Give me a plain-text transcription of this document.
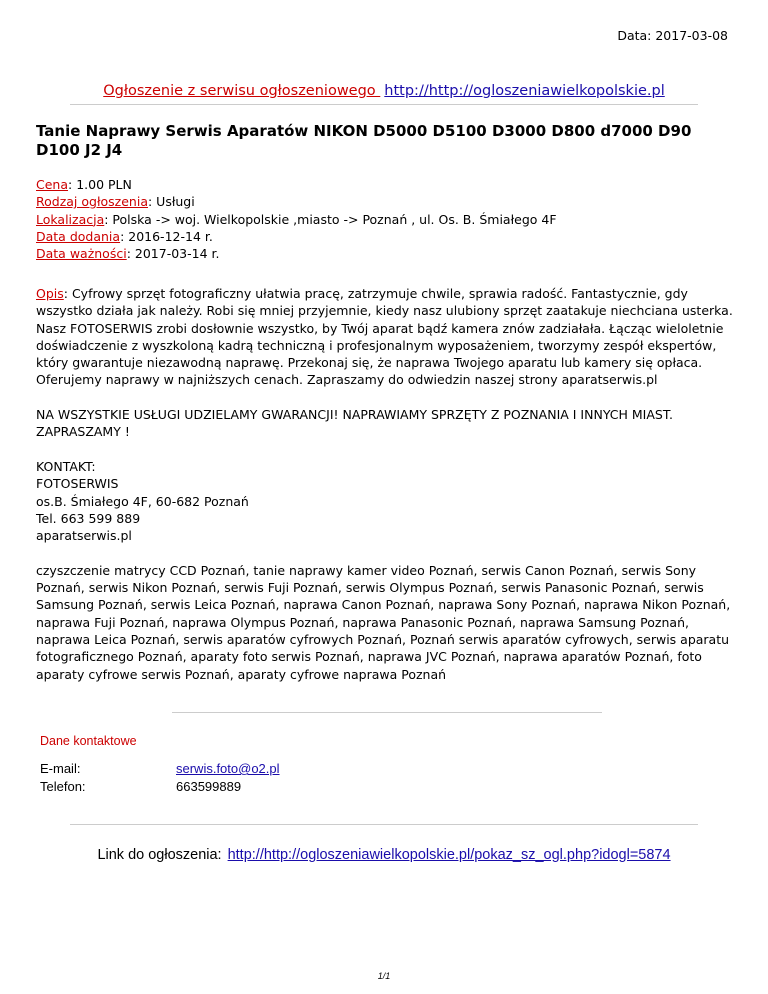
Data: 2017-03-08
Ogłoszenie z serwisu ogłoszeniowego http://http://ogloszeniawielkopolskie.pl
Tanie Naprawy Serwis Aparatów NIKON D5000 D5100 D3000 D800 d7000 D90 D100 J2 J4
Cena: 1.00 PLN
Rodzaj ogłoszenia: Usługi
Lokalizacja: Polska -> woj. Wielkopolskie ,miasto -> Poznań , ul. Os. B. Śmiałego 4F
Data dodania: 2016-12-14 r.
Data ważności: 2017-03-14 r.

Opis: Cyfrowy sprzęt fotograficzny ułatwia pracę, zatrzymuje chwile, sprawia radość. Fantastycznie, gdy wszystko działa jak należy. Robi się mniej przyjemnie, kiedy nasz ulubiony sprzęt zaatakuje niechciana usterka. Nasz FOTOSERWIS zrobi dosłownie wszystko, by Twój aparat bądź kamera znów zadziałała. Łącząc wieloletnie doświadczenie z wyszkoloną kadrą techniczną i profesjonalnym wyposażeniem, tworzymy zespół ekspertów, który gwarantuje niezawodną naprawę. Przekonaj się, że naprawa Twojego aparatu lub kamery się opłaca. Oferujemy naprawy w najniższych cenach. Zapraszamy do odwiedzin naszej strony aparatserwis.pl

NA WSZYSTKIE USŁUGI UDZIELAMY GWARANCJI! NAPRAWIAMY SPRZĘTY Z POZNANIA I INNYCH MIAST. ZAPRASZAMY !

KONTAKT:
FOTOSERWIS
os.B. Śmiałego 4F, 60-682 Poznań
Tel. 663 599 889
aparatserwis.pl

czyszczenie matrycy CCD Poznań, tanie naprawy kamer video Poznań, serwis Canon Poznań, serwis Sony Poznań, serwis Nikon Poznań, serwis Fuji Poznań, serwis Olympus Poznań, serwis Panasonic Poznań, serwis Samsung Poznań, serwis Leica Poznań, naprawa Canon Poznań, naprawa Sony Poznań, naprawa Nikon Poznań, naprawa Fuji Poznań, naprawa Olympus Poznań, naprawa Panasonic Poznań, naprawa Samsung Poznań, naprawa Leica Poznań, serwis aparatów cyfrowych Poznań, Poznań serwis aparatów cyfrowych, serwis aparatu fotograficznego Poznań, aparaty foto serwis Poznań, naprawa JVC Poznań, naprawa aparatów Poznań, foto aparaty cyfrowe serwis Poznań, aparaty cyfrowe naprawa Poznań

Dane kontaktowe
E-mail:	serwis.foto@o2.pl
Telefon:	663599889
Link do ogłoszenia: http://http://ogloszeniawielkopolskie.pl/pokaz_sz_ogl.php?idogl=5874
1/1
